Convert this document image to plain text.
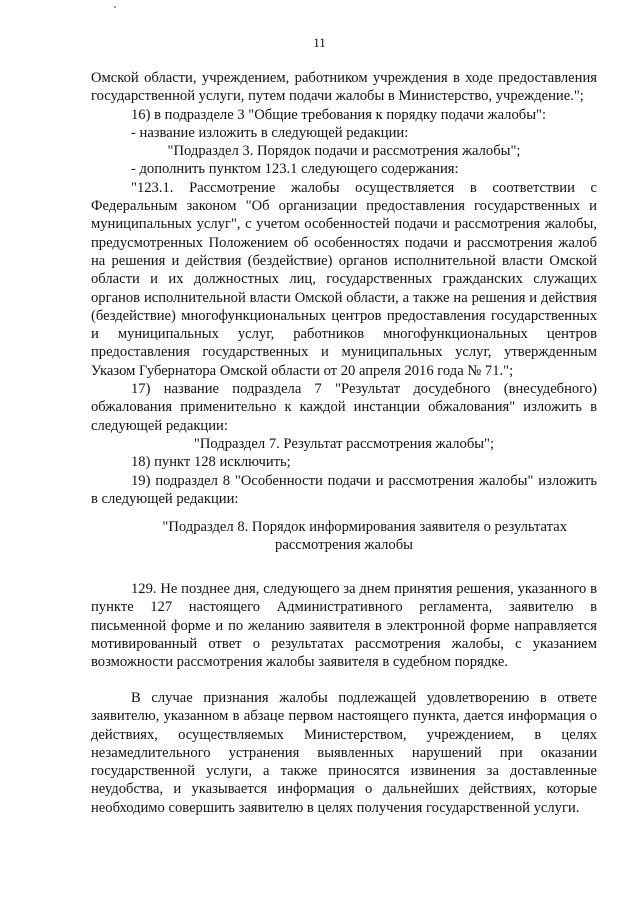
11

Омской области, учреждением, работником учреждения в ходе предоставления государственной услуги, путем подачи жалобы в Министерство, учреждение.";

16) в подразделе 3 "Общие требования к порядку подачи жалобы":

- название изложить в следующей редакции:

"Подраздел 3. Порядок подачи и рассмотрения жалобы";

- дополнить пунктом 123.1 следующего содержания:

"123.1. Рассмотрение жалобы осуществляется в соответствии с Федеральным законом "Об организации предоставления государственных и муниципальных услуг", с учетом особенностей подачи и рассмотрения жалобы, предусмотренных Положением об особенностях подачи и рассмотрения жалоб на решения и действия (бездействие) органов исполнительной власти Омской области и их должностных лиц, государственных гражданских служащих органов исполнительной власти Омской области, а также на решения и действия (бездействие) многофункциональных центров предоставления государственных и муниципальных услуг, работников многофункциональных центров предоставления государственных и муниципальных услуг, утвержденным Указом Губернатора Омской области от 20 апреля 2016 года № 71.";

17) название подраздела 7 "Результат досудебного (внесудебного) обжалования применительно к каждой инстанции обжалования" изложить в следующей редакции:

"Подраздел 7. Результат рассмотрения жалобы";

18) пункт 128 исключить;

19) подраздел 8 "Особенности подачи и рассмотрения жалобы" изложить в следующей редакции:

"Подраздел 8. Порядок информирования заявителя о результатах

рассмотрения жалобы

129. Не позднее дня, следующего за днем принятия решения, указанного в пункте 127 настоящего Административного регламента, заявителю в письменной форме и по желанию заявителя в электронной форме направляется мотивированный ответ о результатах рассмотрения жалобы, с указанием возможности рассмотрения жалобы заявителя в судебном порядке.

В случае признания жалобы подлежащей удовлетворению в ответе заявителю, указанном в абзаце первом настоящего пункта, дается информация о действиях, осуществляемых Министерством, учреждением, в целях незамедлительного устранения выявленных нарушений при оказании государственной услуги, а также приносятся извинения за доставленные неудобства, и указывается информация о дальнейших действиях, которые необходимо совершить заявителю в целях получения государственной услуги.
